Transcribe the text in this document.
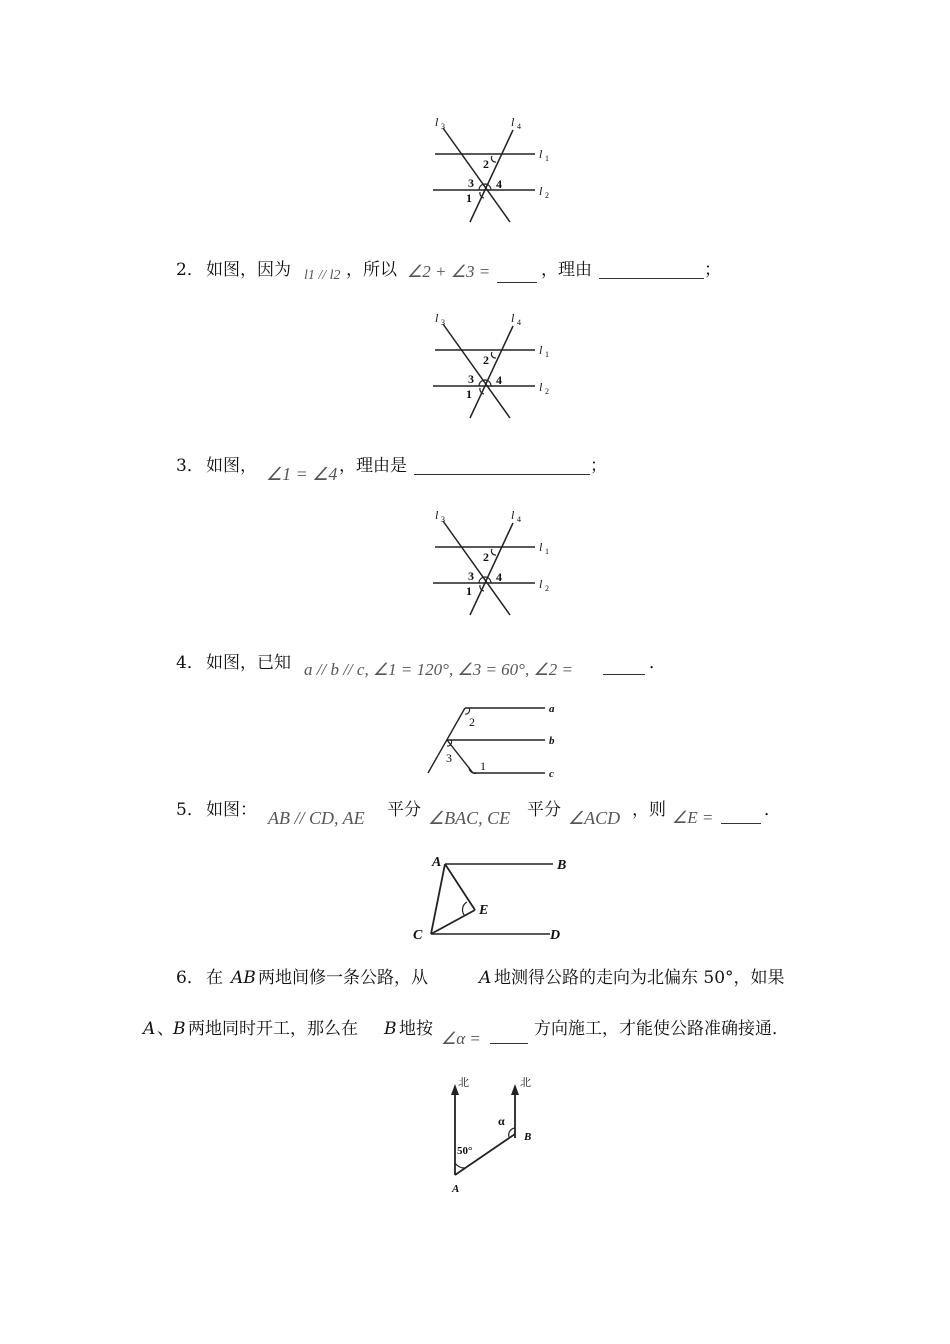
l 3	l 4
l 1
l 2
2
3 4
1
2． 如图，因为 l1 // l2 ，所以 ∠2 + ∠3 =	，理由	；
l 3	l 4
l 1
l 2
2
3 4
1
3． 如图， ∠1 = ∠4 ，理由是	；
l 3	l 4
l 1
l 2
2
3 4
1
4． 如图，已知 a // b // c, ∠1 = 120°, ∠3 = 60°, ∠2 =	．
2
3
1
a
b
c
5． 如图： AB // CD, AE 平分 ∠BAC, CE 平分 ∠ACD ，则 ∠E =	．
A	B
C	D
E
6． 在 AB 两地间修一条公路，从	A 地测得公路的走向为北偏东 50°，如果
A 、 B 两地同时开工，那么在 B 地按 ∠α =	方向施工，才能使公路准确接通．
北	北
50°
α
B
A
